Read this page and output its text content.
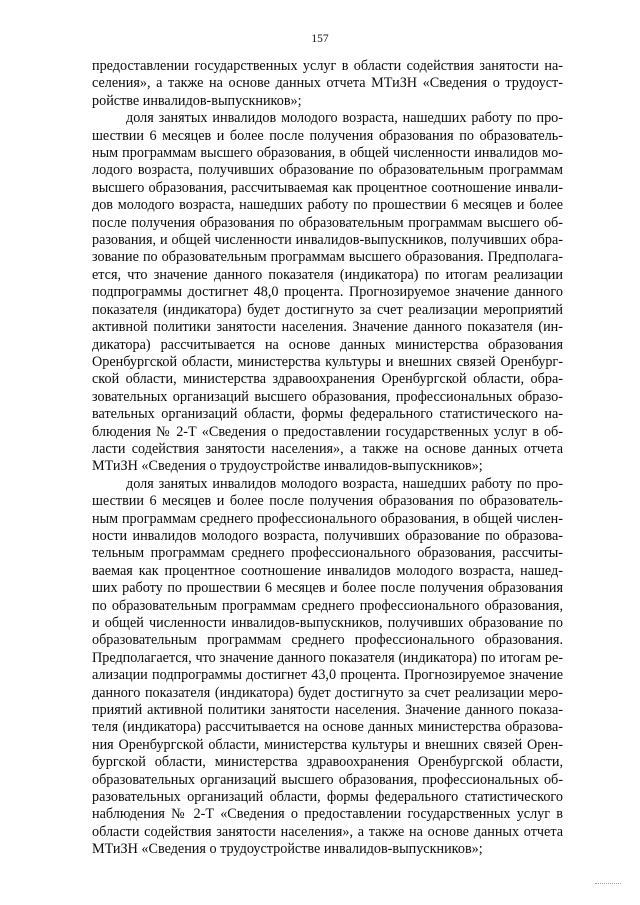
157

предоставлении государственных услуг в области содействия занятости населения», а также на основе данных отчета МТиЗН «Сведения о трудоустройстве инвалидов-выпускников»;

доля занятых инвалидов молодого возраста, нашедших работу по прошествии 6 месяцев и более после получения образования по образовательным программам высшего образования, в общей численности инвалидов молодого возраста, получивших образование по образовательным программам высшего образования, рассчитываемая как процентное соотношение инвалидов молодого возраста, нашедших работу по прошествии 6 месяцев и более после получения образования по образовательным программам высшего образования, и общей численности инвалидов-выпускников, получивших образование по образовательным программам высшего образования. Предполагается, что значение данного показателя (индикатора) по итогам реализации подпрограммы достигнет 48,0 процента. Прогнозируемое значение данного показателя (индикатора) будет достигнуто за счет реализации мероприятий активной политики занятости населения. Значение данного показателя (индикатора) рассчитывается на основе данных министерства образования Оренбургской области, министерства культуры и внешних связей Оренбургской области, министерства здравоохранения Оренбургской области, образовательных организаций высшего образования, профессиональных образовательных организаций области, формы федерального статистического наблюдения № 2-Т «Сведения о предоставлении государственных услуг в области содействия занятости населения», а также на основе данных отчета МТиЗН «Сведения о трудоустройстве инвалидов-выпускников»;

доля занятых инвалидов молодого возраста, нашедших работу по прошествии 6 месяцев и более после получения образования по образовательным программам среднего профессионального образования, в общей численности инвалидов молодого возраста, получивших образование по образовательным программам среднего профессионального образования, рассчитываемая как процентное соотношение инвалидов молодого возраста, нашедших работу по прошествии 6 месяцев и более после получения образования по образовательным программам среднего профессионального образования, и общей численности инвалидов-выпускников, получивших образование по образовательным программам среднего профессионального образования. Предполагается, что значение данного показателя (индикатора) по итогам реализации подпрограммы достигнет 43,0 процента. Прогнозируемое значение данного показателя (индикатора) будет достигнуто за счет реализации мероприятий активной политики занятости населения. Значение данного показателя (индикатора) рассчитывается на основе данных министерства образования Оренбургской области, министерства культуры и внешних связей Оренбургской области, министерства здравоохранения Оренбургской области, образовательных организаций высшего образования, профессиональных образовательных организаций области, формы федерального статистического наблюдения № 2-Т «Сведения о предоставлении государственных услуг в области содействия занятости населения», а также на основе данных отчета МТиЗН «Сведения о трудоустройстве инвалидов-выпускников»;
